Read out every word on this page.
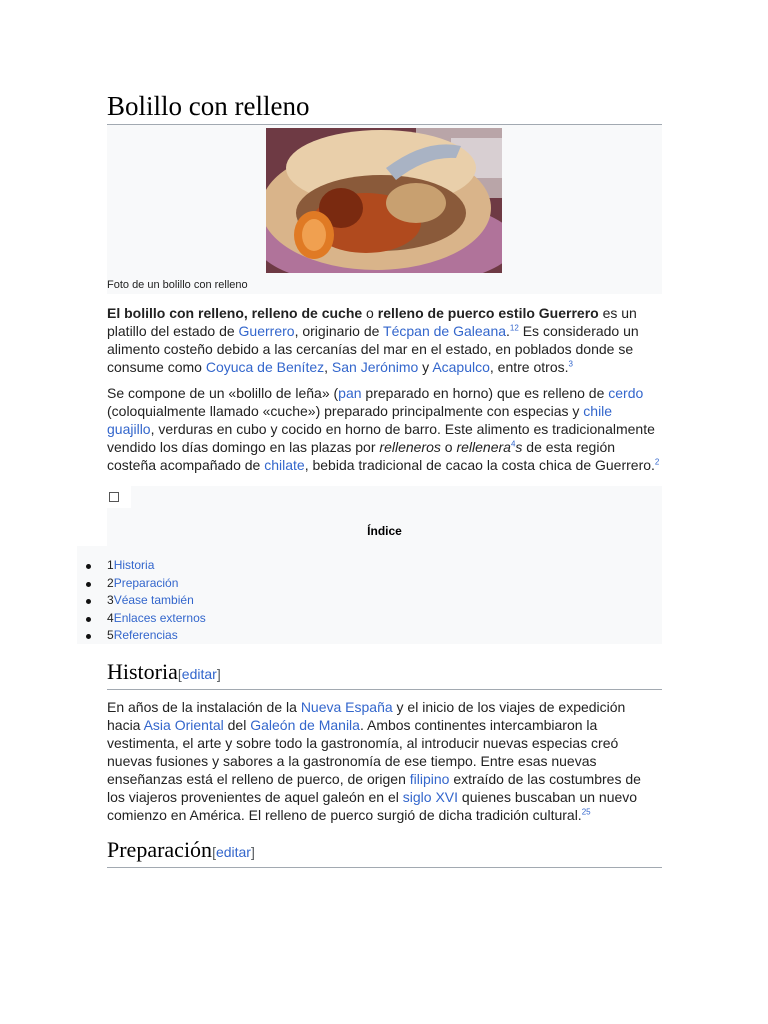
Bolillo con relleno
Foto de un bolillo con relleno

El bolillo con relleno, relleno de cuche o relleno de puerco estilo Guerrero es un platillo del estado de Guerrero, originario de Técpan de Galeana.$^{12}$ Es considerado un alimento costeño debido a las cercanías del mar en el estado, en poblados donde se consume como Coyuca de Benítez, San Jerónimo y Acapulco, entre otros.$^3$

Se compone de un «bolillo de leña» (pan preparado en horno) que es relleno de cerdo (coloquialmente llamado «cuche») preparado principalmente con especias y chile guajillo, verduras en cubo y cocido en horno de barro. Este alimento es tradicionalmente vendido los días domingo en las plazas por relleneros o rellenera$^4$s de esta región costeña acompañado de chilate, bebida tradicional de cacao la costa chica de Guerrero.$^2$

Índice
1Historia
2Preparación
3Véase también
4Enlaces externos
5Referencias
Historia[editar]

En años de la instalación de la Nueva España y el inicio de los viajes de expedición hacia Asia Oriental del Galeón de Manila. Ambos continentes intercambiaron la vestimenta, el arte y sobre todo la gastronomía, al introducir nuevas especias creó nuevas fusiones y sabores a la gastronomía de ese tiempo. Entre esas nuevas enseñanzas está el relleno de puerco, de origen filipino extraído de las costumbres de los viajeros provenientes de aquel galeón en el siglo XVI quienes buscaban un nuevo comienzo en América. El relleno de puerco surgió de dicha tradición cultural.$^{25}$

Preparación[editar]
